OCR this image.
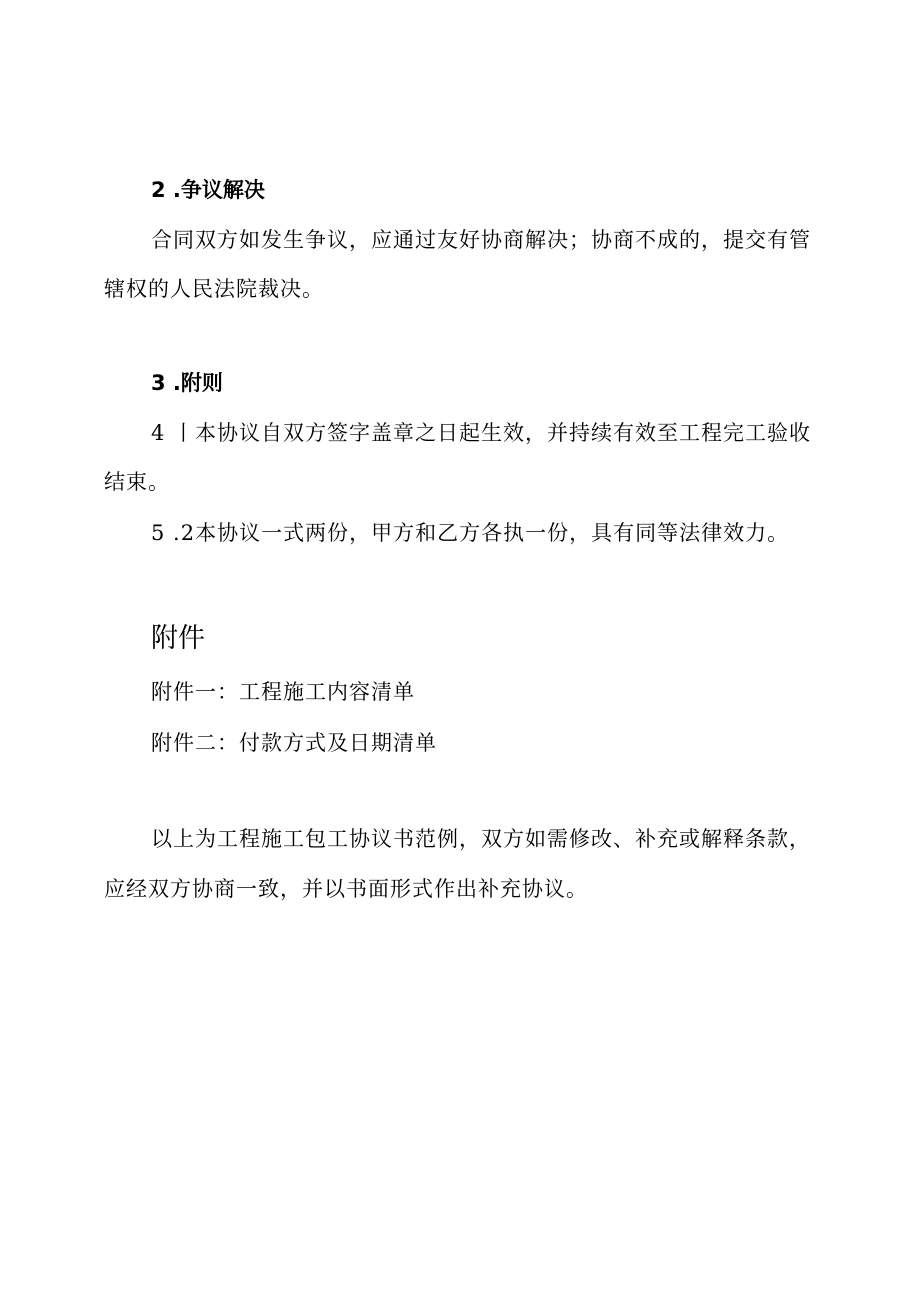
2 .争议解决

合同双方如发生争议，应通过友好协商解决；协商不成的，提交有管

辖权的人民法院裁决。

3 .附则

4 丨本协议自双方签字盖章之日起生效，并持续有效至工程完工验收

结束。

5 .2本协议一式两份，甲方和乙方各执一份，具有同等法律效力。

附件

附件一：工程施工内容清单

附件二：付款方式及日期清单

以上为工程施工包工协议书范例，双方如需修改、补充或解释条款，

应经双方协商一致，并以书面形式作出补充协议。
